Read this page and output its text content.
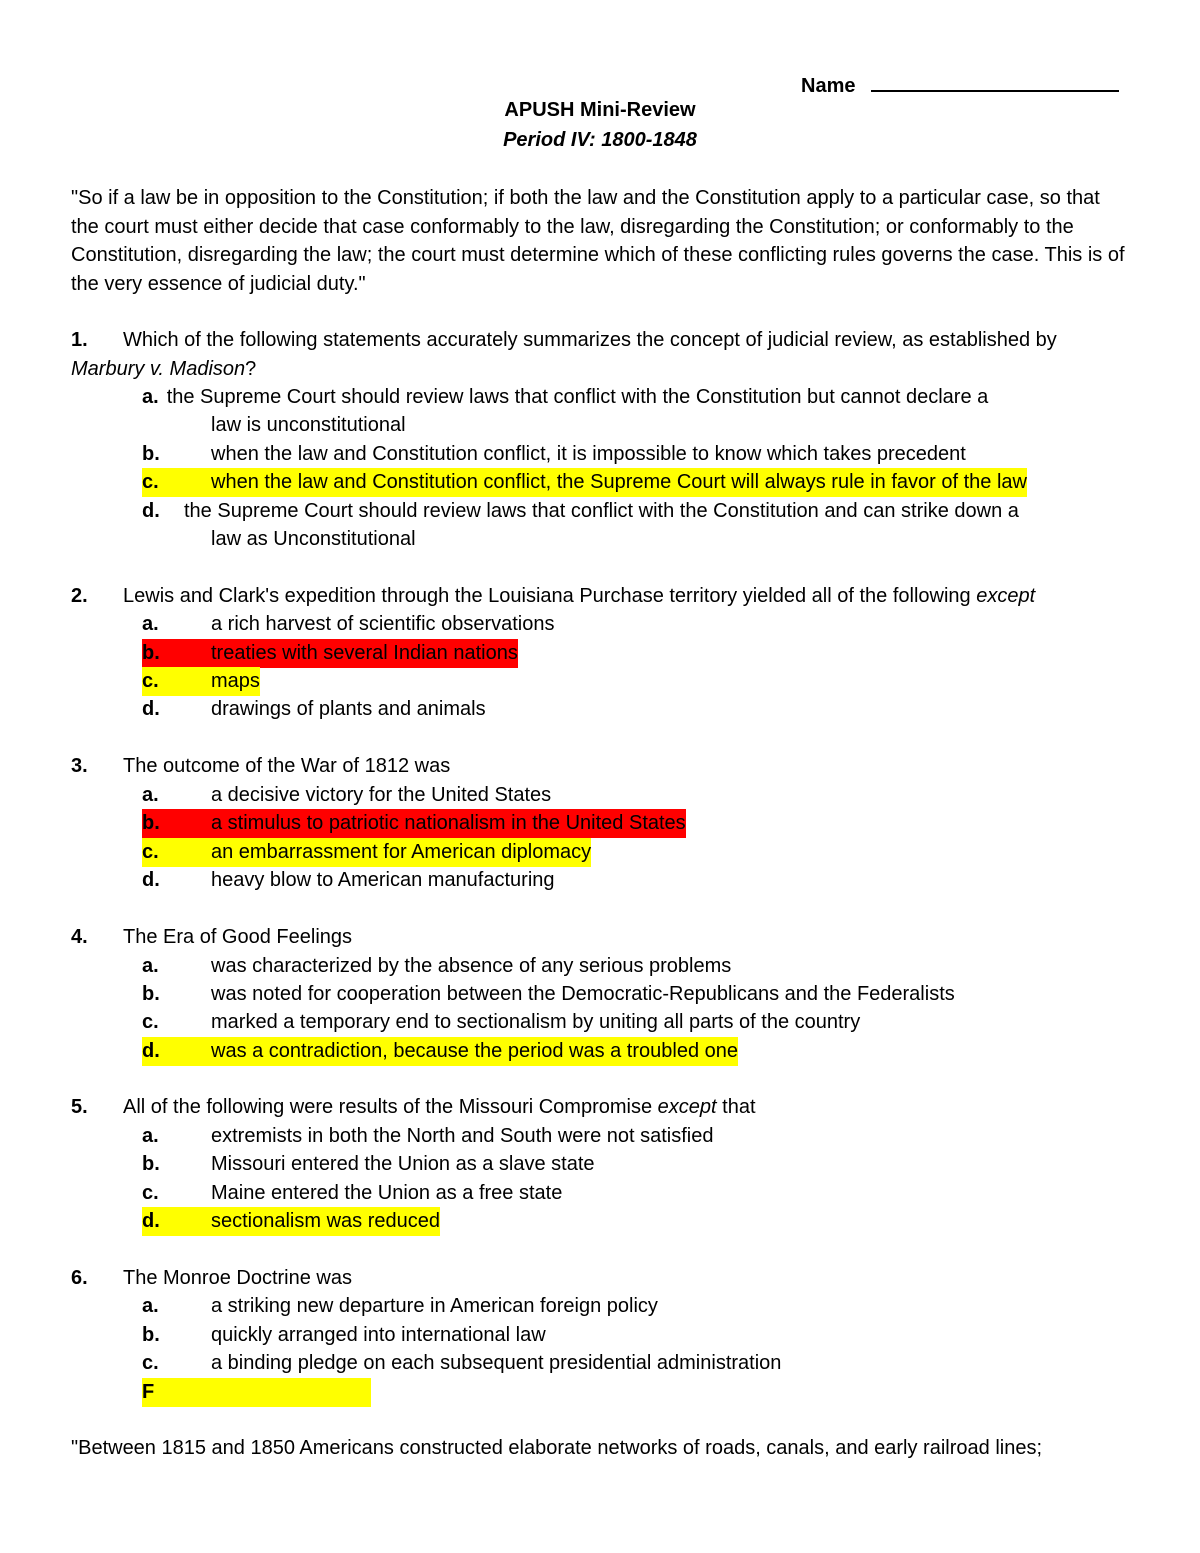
Name
APUSH Mini-Review
Period IV: 1800-1848
"So if a law be in opposition to the Constitution; if both the law and the Constitution apply to a particular case, so that the court must either decide that case conformably to the law, disregarding the Constitution; or conformably to the Constitution, disregarding the law; the court must determine which of these conflicting rules governs the case. This is of the very essence of judicial duty."
1. Which of the following statements accurately summarizes the concept of judicial review, as established by Marbury v. Madison?
a. the Supreme Court should review laws that conflict with the Constitution but cannot declare a
law is unconstitutional
b.	when the law and Constitution conflict, it is impossible to know which takes precedent
c.	when the law and Constitution conflict, the Supreme Court will always rule in favor of the law
d. the Supreme Court should review laws that conflict with the Constitution and can strike down a
law as Unconstitutional
2. Lewis and Clark's expedition through the Louisiana Purchase territory yielded all of the following except
a.	a rich harvest of scientific observations
b.	treaties with several Indian nations
c.	maps
d.	drawings of plants and animals
3. The outcome of the War of 1812 was
a.	a decisive victory for the United States
b.	a stimulus to patriotic nationalism in the United States
c.	an embarrassment for American diplomacy
d.	heavy blow to American manufacturing
4. The Era of Good Feelings
a.	was characterized by the absence of any serious problems
b.	was noted for cooperation between the Democratic-Republicans and the Federalists
c.	marked a temporary end to sectionalism by uniting all parts of the country
d.	was a contradiction, because the period was a troubled one
5. All of the following were results of the Missouri Compromise except that
a.	extremists in both the North and South were not satisfied
b.	Missouri entered the Union as a slave state
c.	Maine entered the Union as a free state
d.	sectionalism was reduced
6. The Monroe Doctrine was
a.	a striking new departure in American foreign policy
b.	quickly arranged into international law
c.	a binding pledge on each subsequent presidential administration
F
"Between 1815 and 1850 Americans constructed elaborate networks of roads, canals, and early railroad lines;
